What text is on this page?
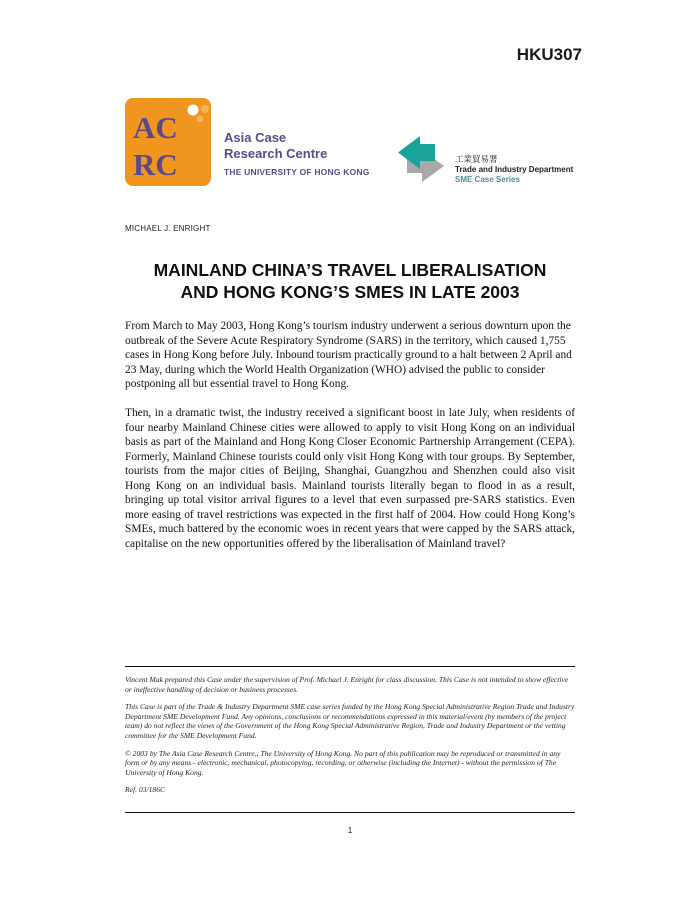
HKU307
AC
RC
Asia Case
Research Centre
THE UNIVERSITY OF HONG KONG
工業貿易署
Trade and Industry Department
SME Case Series
MICHAEL J. ENRIGHT
MAINLAND CHINA’S TRAVEL LIBERALISATION
AND HONG KONG’S SMES IN LATE 2003

From March to May 2003, Hong Kong’s tourism industry underwent a serious downturn upon the outbreak of the Severe Acute Respiratory Syndrome (SARS) in the territory, which caused 1,755 cases in Hong Kong before July. Inbound tourism practically ground to a halt between 2 April and 23 May, during which the World Health Organization (WHO) advised the public to consider postponing all but essential travel to Hong Kong.

Then, in a dramatic twist, the industry received a significant boost in late July, when residents of four nearby Mainland Chinese cities were allowed to apply to visit Hong Kong on an individual basis as part of the Mainland and Hong Kong Closer Economic Partnership Arrangement (CEPA). Formerly, Mainland Chinese tourists could only visit Hong Kong with tour groups. By September, tourists from the major cities of Beijing, Shanghai, Guangzhou and Shenzhen could also visit Hong Kong on an individual basis. Mainland tourists literally began to flood in as a result, bringing up total visitor arrival figures to a level that even surpassed pre-SARS statistics. Even more easing of travel restrictions was expected in the first half of 2004. How could Hong Kong’s SMEs, much battered by the economic woes in recent years that were capped by the SARS attack, capitalise on the new opportunities offered by the liberalisation of Mainland travel?

Vincent Mak prepared this Case under the supervision of Prof. Michael J. Enright for class discussion. This Case is not intended to show effective or ineffective handling of decision or business processes.

This Case is part of the Trade & Industry Department SME case series funded by the Hong Kong Special Administrative Region Trade and Industry Department SME Development Fund. Any opinions, conclusions or recommendations expressed in this material/event (by members of the project team) do not reflect the views of the Government of the Hong Kong Special Administrative Region, Trade and Industry Department or the vetting committee for the SME Development Fund.

© 2003 by The Asia Case Research Centre,, The University of Hong Kong. No part of this publication may be reproduced or transmitted in any form or by any means - electronic, mechanical, photocopying, recording, or otherwise (including the Internet) - without the permission of The University of Hong Kong.

Ref. 03/186C

1
